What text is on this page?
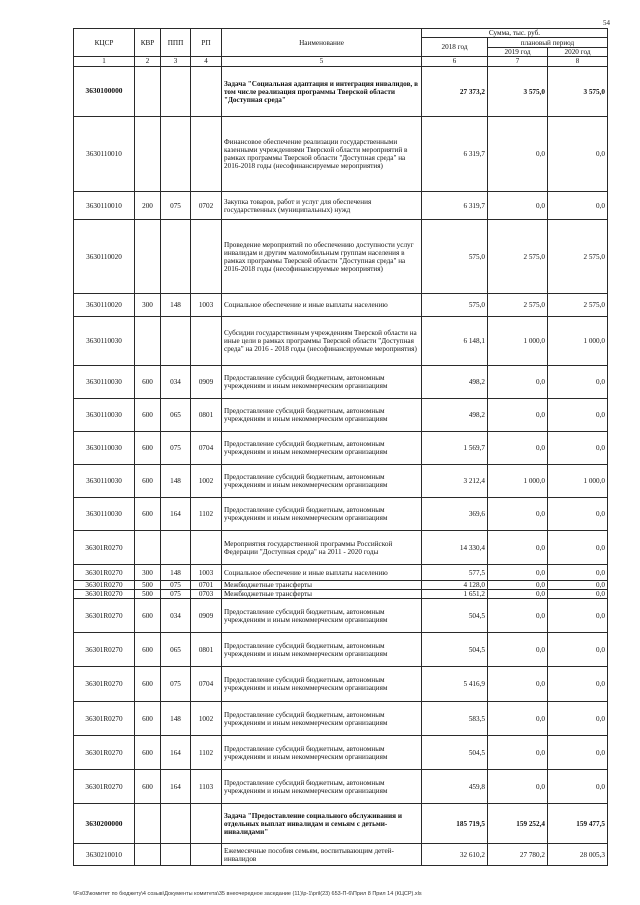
54
КЦСР	КВР	ППП	РП	Наименование	Сумма, тыс. руб.		
					2018 год	плановый период	
						2019 год	2020 год
1	2	3	4	5	6	7	8
3630100000				Задача "Социальная адаптация и интеграция инвалидов, в том числе реализация программы Тверской области "Доступная среда"	27 373,2	3 575,0	3 575,0
3630110010				Финансовое обеспечение реализации государственными казенными учреждениями Тверской области мероприятий в рамках программы Тверской области "Доступная среда" на 2016-2018 годы (несофинансируемые мероприятия)	6 319,7	0,0	0,0
3630110010	200	075	0702	Закупка товаров, работ и услуг для обеспечения государственных (муниципальных) нужд	6 319,7	0,0	0,0
3630110020				Проведение мероприятий по обеспечению доступности услуг инвалидам и другим маломобильным группам населения в рамках программы Тверской области "Доступная среда" на 2016-2018 годы (несофинансируемые мероприятия)	575,0	2 575,0	2 575,0
3630110020	300	148	1003	Социальное обеспечение и иные выплаты населению	575,0	2 575,0	2 575,0
3630110030				Субсидии государственным учреждениям Тверской области на иные цели в рамках программы Тверской области "Доступная среда" на 2016 - 2018 годы (несофинансируемые мероприятия)	6 148,1	1 000,0	1 000,0
3630110030	600	034	0909	Предоставление субсидий бюджетным, автономным учреждениям и иным некоммерческим организациям	498,2	0,0	0,0
3630110030	600	065	0801	Предоставление субсидий бюджетным, автономным учреждениям и иным некоммерческим организациям	498,2	0,0	0,0
3630110030	600	075	0704	Предоставление субсидий бюджетным, автономным учреждениям и иным некоммерческим организациям	1 569,7	0,0	0,0
3630110030	600	148	1002	Предоставление субсидий бюджетным, автономным учреждениям и иным некоммерческим организациям	3 212,4	1 000,0	1 000,0
3630110030	600	164	1102	Предоставление субсидий бюджетным, автономным учреждениям и иным некоммерческим организациям	369,6	0,0	0,0
36301R0270				Мероприятия государственной программы Российской Федерации "Доступная среда" на 2011 - 2020 годы	14 330,4	0,0	0,0
36301R0270	300	148	1003	Социальное обеспечение и иные выплаты населению	577,5	0,0	0,0
36301R0270	500	075	0701	Межбюджетные трансферты	4 128,0	0,0	0,0
36301R0270	500	075	0703	Межбюджетные трансферты	1 651,2	0,0	0,0
36301R0270	600	034	0909	Предоставление субсидий бюджетным, автономным учреждениям и иным некоммерческим организациям	504,5	0,0	0,0
36301R0270	600	065	0801	Предоставление субсидий бюджетным, автономным учреждениям и иным некоммерческим организациям	504,5	0,0	0,0
36301R0270	600	075	0704	Предоставление субсидий бюджетным, автономным учреждениям и иным некоммерческим организациям	5 416,9	0,0	0,0
36301R0270	600	148	1002	Предоставление субсидий бюджетным, автономным учреждениям и иным некоммерческим организациям	583,5	0,0	0,0
36301R0270	600	164	1102	Предоставление субсидий бюджетным, автономным учреждениям и иным некоммерческим организациям	504,5	0,0	0,0
36301R0270	600	164	1103	Предоставление субсидий бюджетным, автономным учреждениям и иным некоммерческим организациям	459,8	0,0	0,0
3630200000				Задача "Предоставление социального обслуживания и отдельных выплат инвалидам и семьям с детьми-инвалидами"	185 719,5	159 252,4	159 477,5
3630210010				Ежемесячные пособия семьям, воспитывающим детей-инвалидов	32 610,2	27 780,2	28 005,3
\\Fs03\комитет по бюджету\4 созыв\Документы комитета\35 внеочередное заседание (11)\p-1\pril(23) 653-П-6\Прил 8 Прил 14 (КЦСР).xls
